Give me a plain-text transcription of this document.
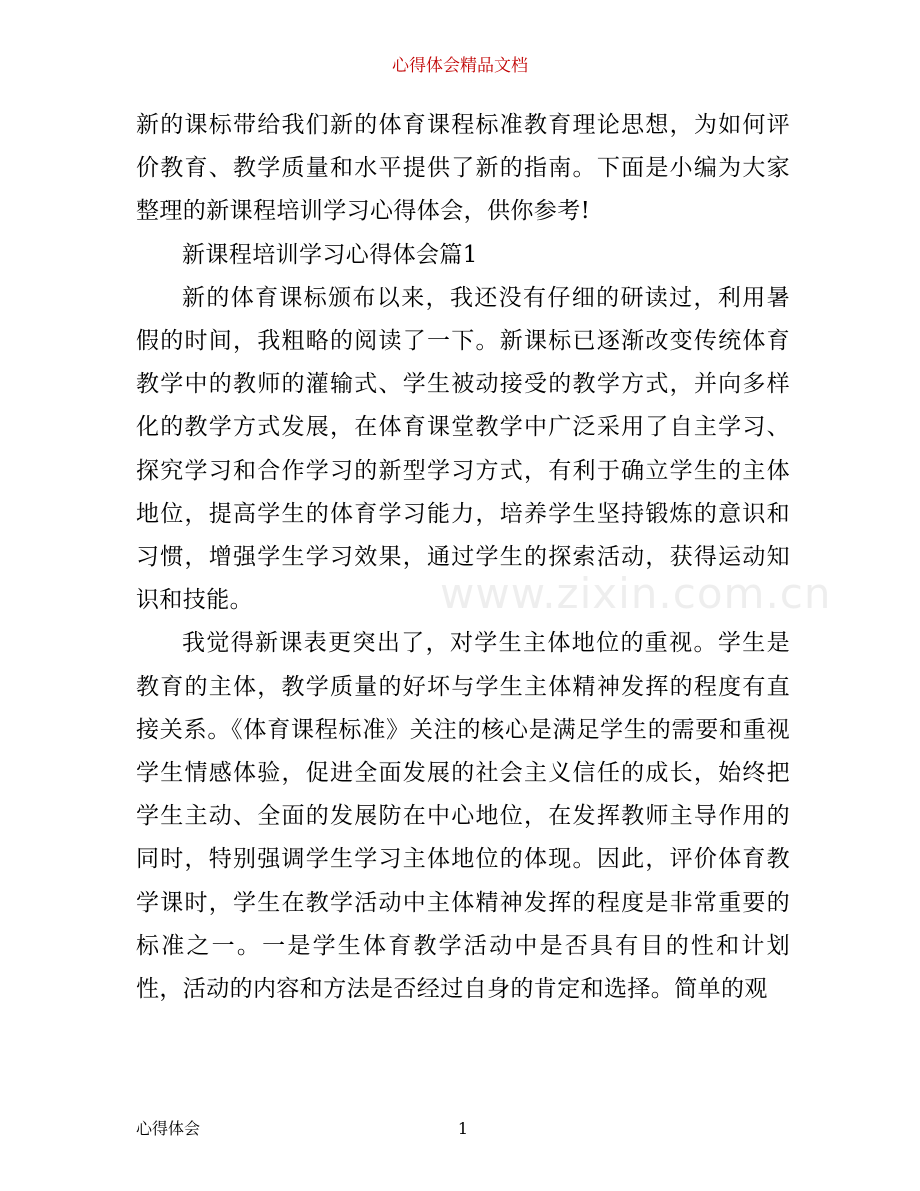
心得体会精品文档

新的课标带给我们新的体育课程标准教育理论思想，为如何评价教育、教学质量和水平提供了新的指南。下面是小编为大家整理的新课程培训学习心得体会，供你参考!

新课程培训学习心得体会篇1

新的体育课标颁布以来，我还没有仔细的研读过，利用暑假的时间，我粗略的阅读了一下。新课标已逐渐改变传统体育教学中的教师的灌输式、学生被动接受的教学方式，并向多样化的教学方式发展，在体育课堂教学中广泛采用了自主学习、探究学习和合作学习的新型学习方式，有利于确立学生的主体地位，提高学生的体育学习能力，培养学生坚持锻炼的意识和习惯，增强学生学习效果，通过学生的探索活动，获得运动知识和技能。

我觉得新课表更突出了，对学生主体地位的重视。学生是教育的主体，教学质量的好坏与学生主体精神发挥的程度有直接关系。《体育课程标准》关注的核心是满足学生的需要和重视学生情感体验，促进全面发展的社会主义信任的成长，始终把学生主动、全面的发展防在中心地位，在发挥教师主导作用的同时，特别强调学生学习主体地位的体现。因此，评价体育教学课时，学生在教学活动中主体精神发挥的程度是非常重要的标准之一。一是学生体育教学活动中是否具有目的性和计划性，活动的内容和方法是否经过自身的肯定和选择。简单的观

www.zixin.com.cn
1
心得体会
